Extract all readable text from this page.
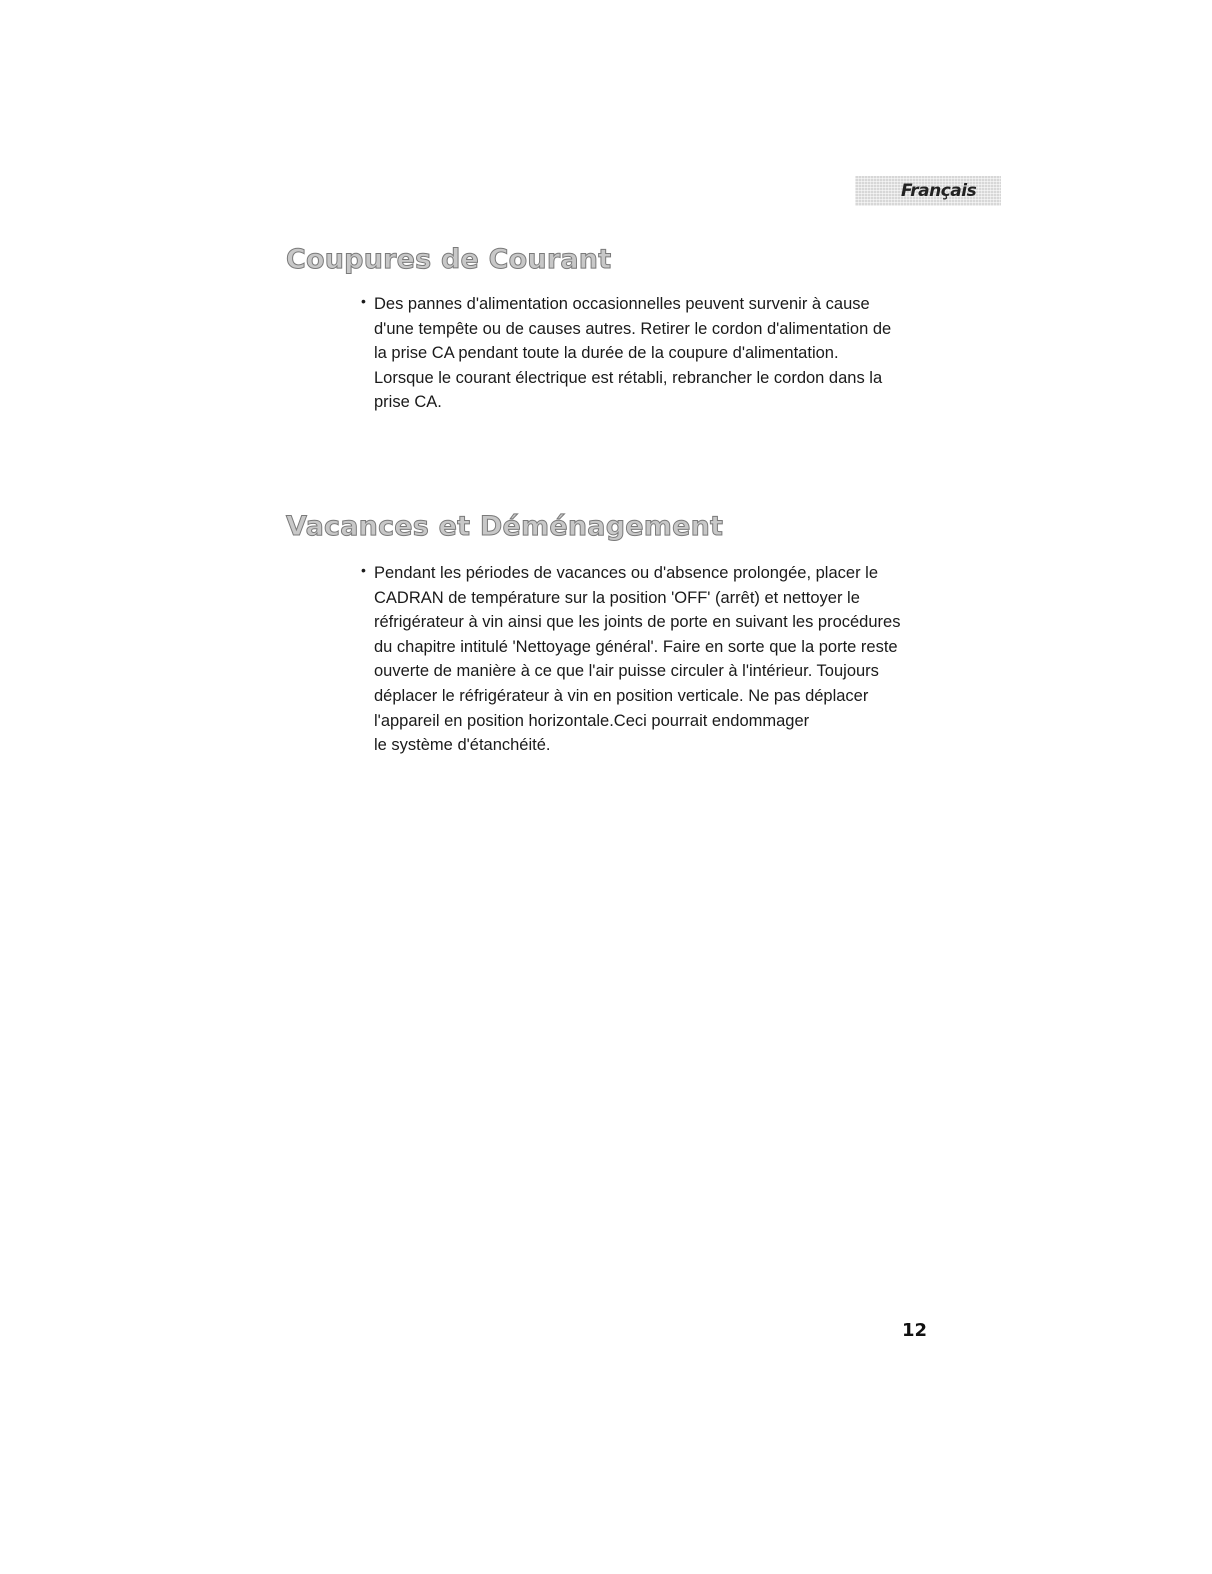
Français
Coupures de Courant
• Des pannes d'alimentation occasionnelles peuvent survenir à cause
d'une tempête ou de causes autres. Retirer le cordon d'alimentation de
la prise CA pendant toute la durée de la coupure d'alimentation.
Lorsque le courant électrique est rétabli, rebrancher le cordon dans la
prise CA.

Vacances et Déménagement
• Pendant les périodes de vacances ou d'absence prolongée, placer le
CADRAN de température sur la position 'OFF' (arrêt) et nettoyer le
réfrigérateur à vin ainsi que les joints de porte en suivant les procédures
du chapitre intitulé 'Nettoyage général'. Faire en sorte que la porte reste
ouverte de manière à ce que l'air puisse circuler à l'intérieur. Toujours
déplacer le réfrigérateur à vin en position verticale. Ne pas déplacer
l'appareil en position horizontale.Ceci pourrait endommager
le système d'étanchéité.

12
